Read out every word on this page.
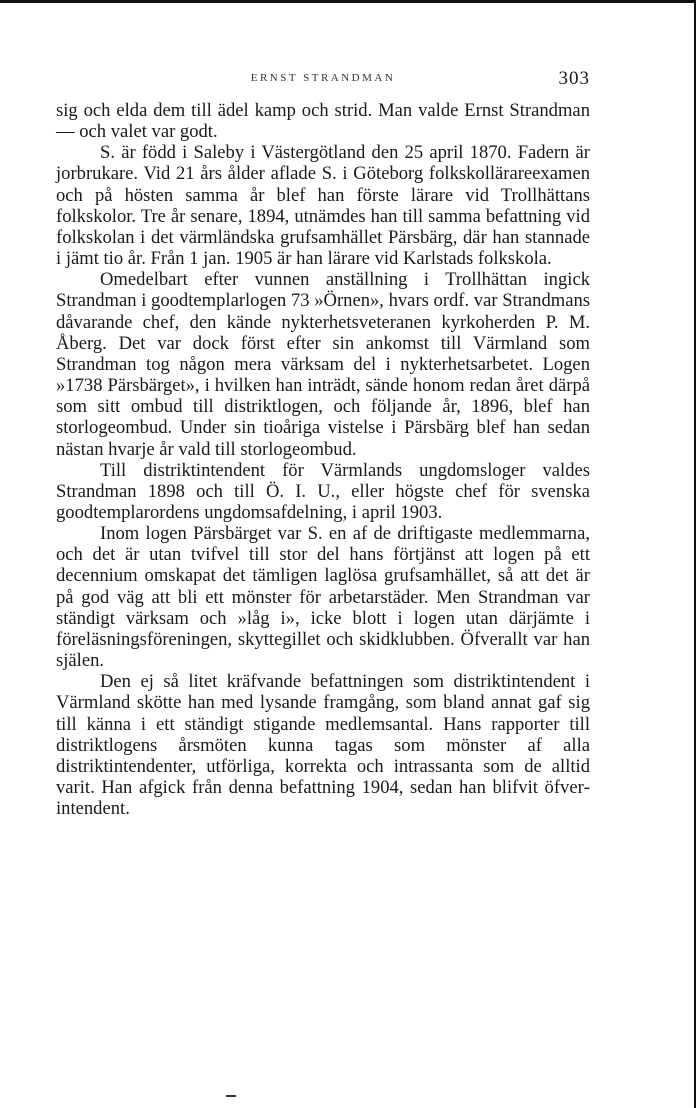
ERNST STRANDMAN	303

sig och elda dem till ädel kamp och strid. Man valde Ernst Strandman — och valet var godt.

S. är född i Saleby i Västergötland den 25 april 1870. Fadern är jorbrukare. Vid 21 års ålder aflade S. i Göteborg folkskollärareexamen och på hösten samma år blef han förste lärare vid Trollhättans folkskolor. Tre år senare, 1894, utnämdes han till samma befattning vid folkskolan i det värmländska grufsamhället Pärsbärg, där han stannade i jämt tio år. Från 1 jan. 1905 är han lärare vid Karlstads folkskola.

Omedelbart efter vunnen anställning i Trollhättan ingick Strandman i goodtemplarlogen 73 »Örnen», hvars ordf. var Strandmans dåvarande chef, den kände nykterhetsveteranen kyrkoherden P. M. Åberg. Det var dock först efter sin ankomst till Värmland som Strandman tog någon mera värksam del i nykterhetsarbetet. Logen »1738 Pärsbärget», i hvilken han inträdt, sände honom redan året därpå som sitt ombud till distriktlogen, och följande år, 1896, blef han storlogeombud. Under sin tioåriga vistelse i Pärsbärg blef han sedan nästan hvarje år vald till storlogeombud.

Till distriktintendent för Värmlands ungdomsloger valdes Strandman 1898 och till Ö. I. U., eller högste chef för svenska goodtemplarordens ungdomsafdelning, i april 1903.

Inom logen Pärsbärget var S. en af de driftigaste medlemmarna, och det är utan tvifvel till stor del hans förtjänst att logen på ett decennium omskapat det tämligen laglösa grufsamhället, så att det är på god väg att bli ett mönster för arbetarstäder. Men Strandman var ständigt värksam och »låg i», icke blott i logen utan därjämte i föreläsningsföreningen, skyttegillet och skidklubben. Öfverallt var han själen.

Den ej så litet kräfvande befattningen som distriktintendent i Värmland skötte han med lysande framgång, som bland annat gaf sig till känna i ett ständigt stigande medlemsantal. Hans rapporter till distriktlogens årsmöten kunna tagas som mönster af alla distriktintendenter, utförliga, korrekta och intrassanta som de alltid varit. Han afgick från denna befattning 1904, sedan han blifvit öfverintendent.
